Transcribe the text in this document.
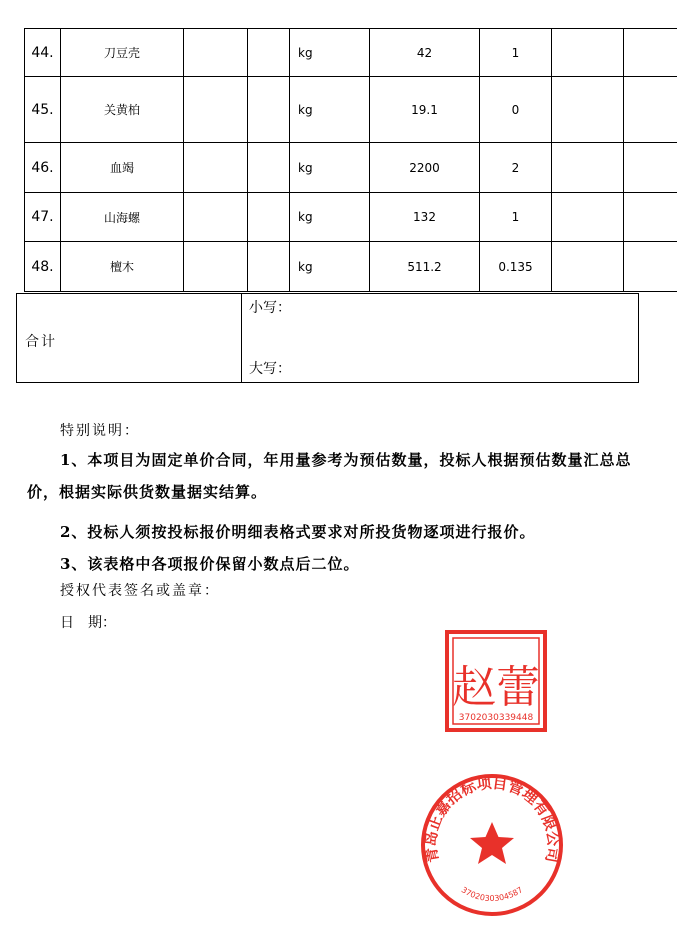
44.	刀豆壳			kg	42	1		
45.	关黄柏			kg	19.1	0		
46.	血竭			kg	2200	2		
47.	山海螺			kg	132	1		
48.	檀木			kg	511.2	0.135		
合计
小写：
大写：
特别说明：
1、本项目为固定单价合同，年用量参考为预估数量，投标人根据预估数量汇总总价，根据实际供货数量据实结算。
2、投标人须按投标报价明细表格式要求对所投货物逐项进行报价。
3、该表格中各项报价保留小数点后二位。
授权代表签名或盖章：
日　期：
赵蕾
3702030339448
青岛正嘉招标项目管理有限公司
3702030304587
